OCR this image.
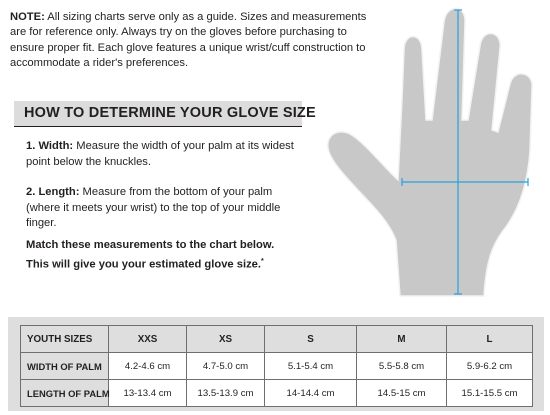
NOTE: All sizing charts serve only as a guide. Sizes and measurements are for reference only. Always try on the gloves before purchasing to ensure proper fit. Each glove features a unique wrist/cuff construction to accommodate a rider's preferences.
HOW TO DETERMINE YOUR GLOVE SIZE
1. Width: Measure the width of your palm at its widest point below the knuckles.
2. Length: Measure from the bottom of your palm (where it meets your wrist) to the top of your middle finger.
Match these measurements to the chart below.
This will give you your estimated glove size.*
YOUTH SIZES	XXS	XS	S	M	L
WIDTH OF PALM	4.2-4.6 cm	4.7-5.0 cm	5.1-5.4 cm	5.5-5.8 cm	5.9-6.2 cm
LENGTH OF PALM	13-13.4 cm	13.5-13.9 cm	14-14.4 cm	14.5-15 cm	15.1-15.5 cm
